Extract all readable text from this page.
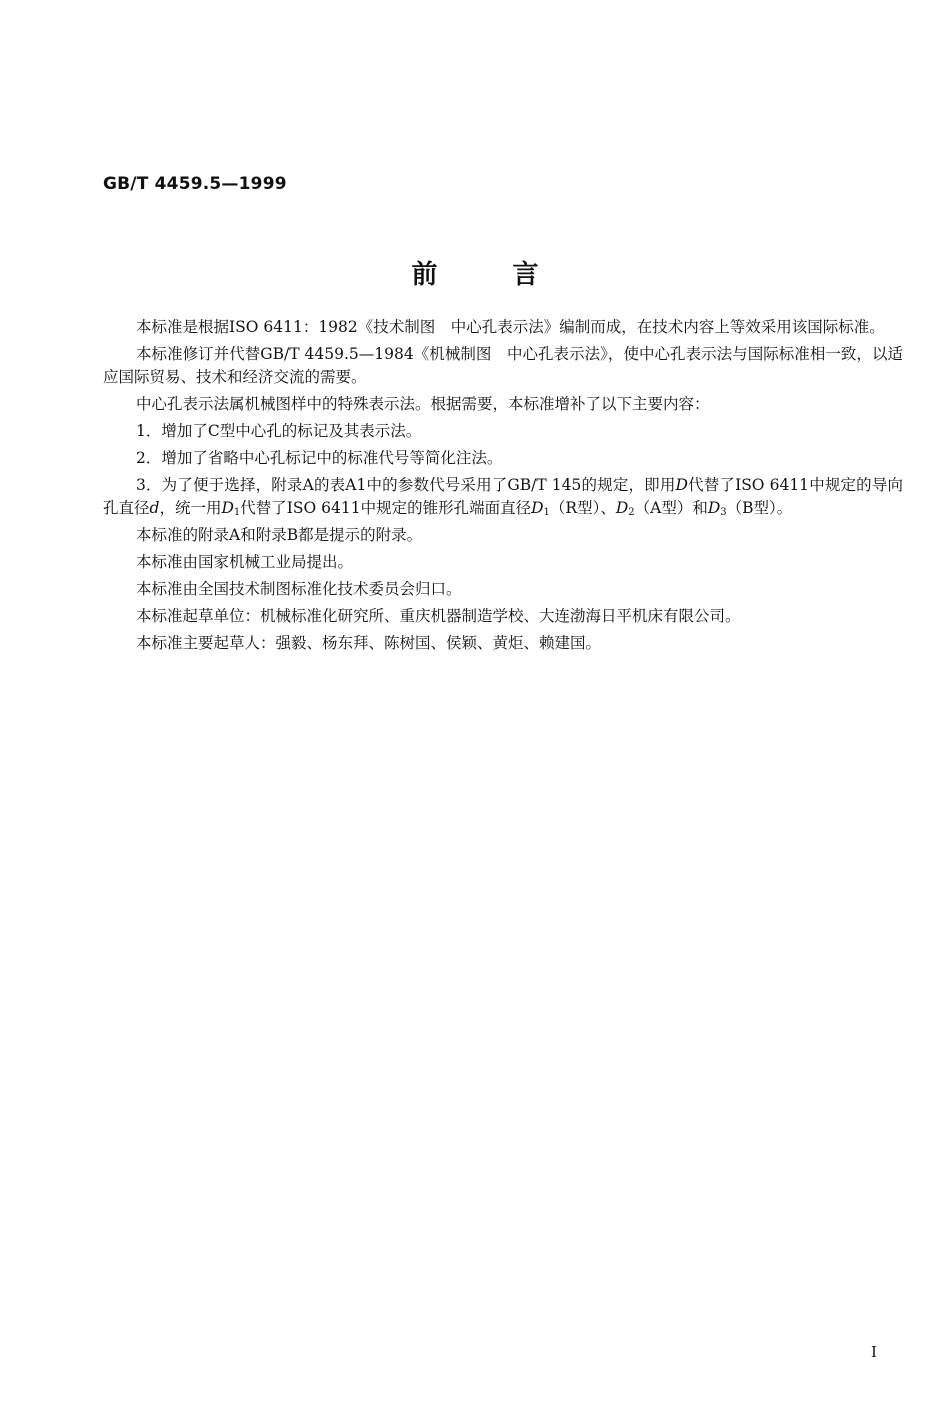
GB/T 4459.5—1999
前言

本标准是根据ISO 6411：1982《技术制图　中心孔表示法》编制而成，在技术内容上等效采用该国际标准。

本标准修订并代替GB/T 4459.5—1984《机械制图　中心孔表示法》，使中心孔表示法与国际标准相一致，以适应国际贸易、技术和经济交流的需要。

中心孔表示法属机械图样中的特殊表示法。根据需要，本标准增补了以下主要内容：

1．增加了C型中心孔的标记及其表示法。

2．增加了省略中心孔标记中的标准代号等简化注法。

3．为了便于选择，附录A的表A1中的参数代号采用了GB/T 145的规定，即用D代替了ISO 6411中规定的导向孔直径d，统一用$D_1$代替了ISO 6411中规定的锥形孔端面直径$D_1(R$型）、$D_2(A$型）和$D_3(B$型）。

本标准的附录A和附录B都是提示的附录。

本标准由国家机械工业局提出。

本标准由全国技术制图标准化技术委员会归口。

本标准起草单位：机械标准化研究所、重庆机器制造学校、大连渤海日平机床有限公司。

本标准主要起草人：强毅、杨东拜、陈树国、侯颖、黄炬、赖建国。

I
